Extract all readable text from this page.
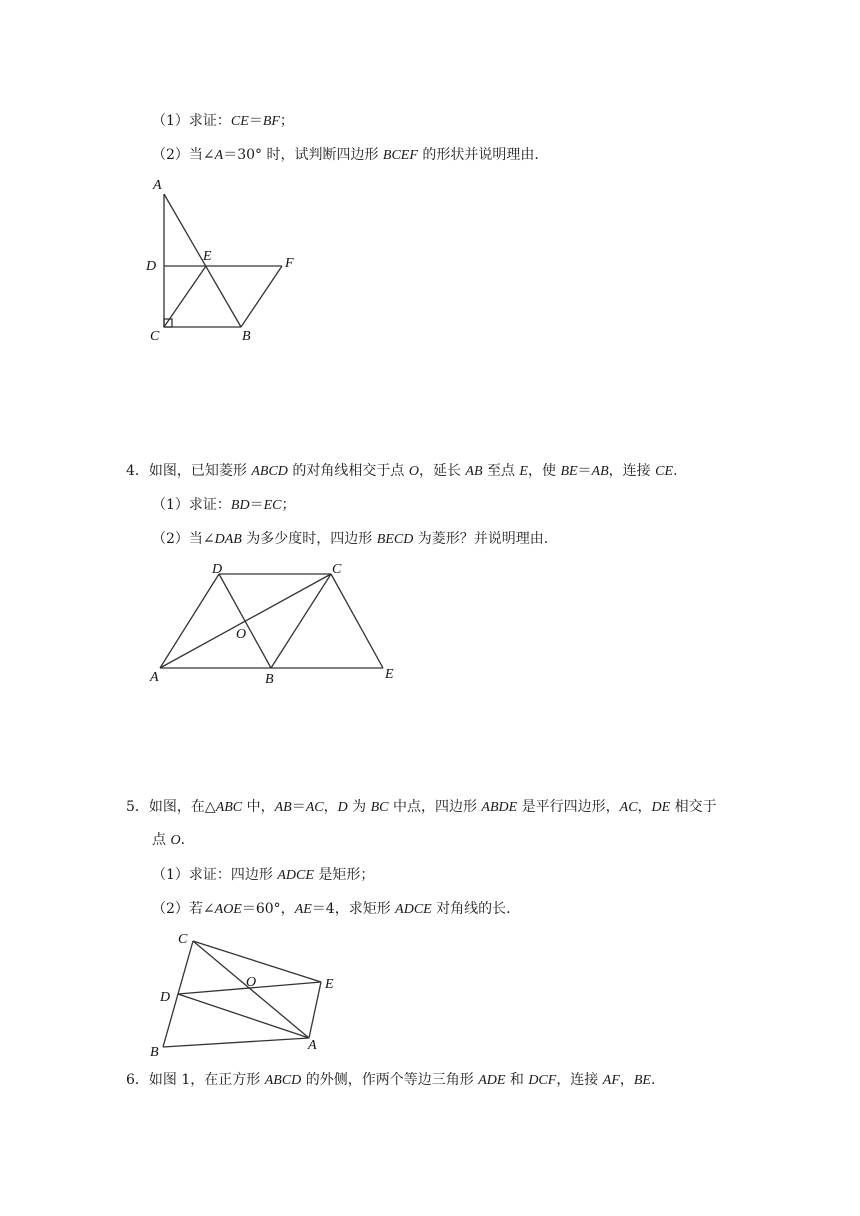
（1）求证：CE＝BF；
（2）当∠A＝30° 时，试判断四边形 BCEF 的形状并说明理由.
A
D
E	F
C	B
4．如图，已知菱形 ABCD 的对角线相交于点 O，延长 AB 至点 E，使 BE＝AB，连接 CE.
（1）求证：BD＝EC；
（2）当∠DAB 为多少度时，四边形 BECD 为菱形？并说明理由.
D	C
O
A	B	E
5．如图，在△ABC 中，AB＝AC，D 为 BC 中点，四边形 ABDE 是平行四边形，AC，DE 相交于
点 O.
（1）求证：四边形 ADCE 是矩形；
（2）若∠AOE＝60°，AE＝4，求矩形 ADCE 对角线的长.
C
O	E
D
B	A
6．如图 1，在正方形 ABCD 的外侧，作两个等边三角形 ADE 和 DCF，连接 AF，BE.
